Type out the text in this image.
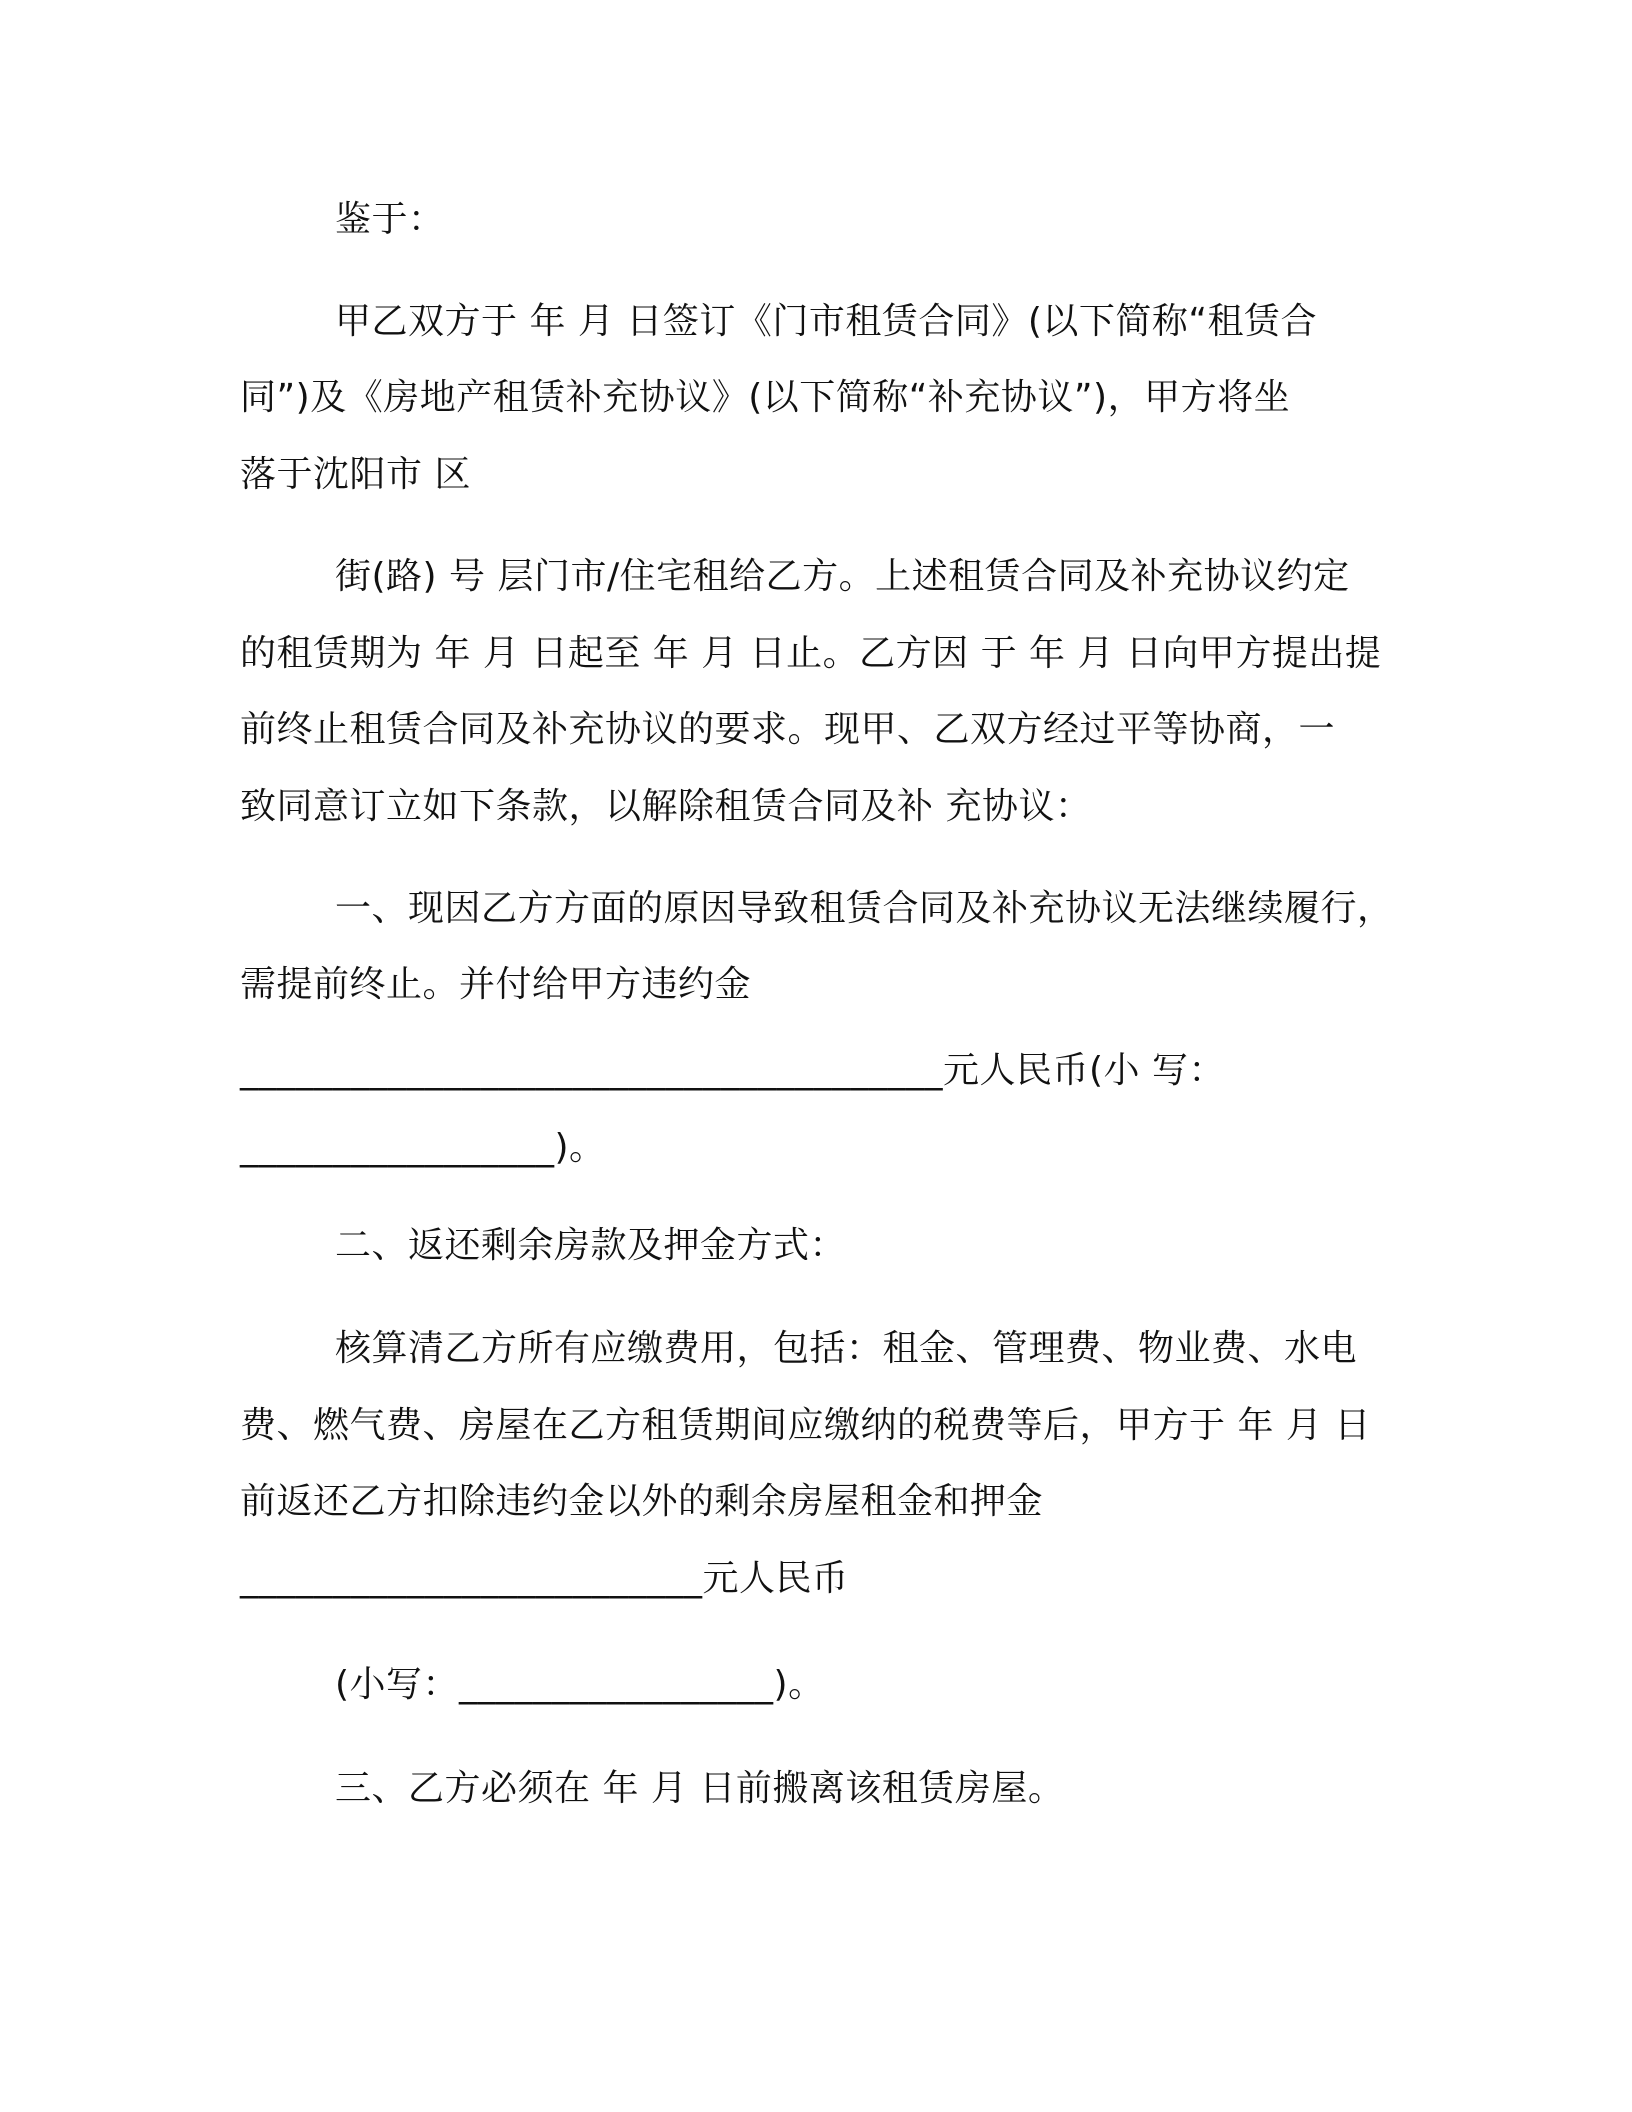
鉴于：
甲乙双方于 年 月 日签订《门市租赁合同》(以下简称“租赁合
同”)及《房地产租赁补充协议》(以下简称“补充协议”)，甲方将坐
落于沈阳市 区
街(路) 号 层门市/住宅租给乙方。上述租赁合同及补充协议约定
的租赁期为 年 月 日起至 年 月 日止。乙方因 于 年 月 日向甲方提出提
前终止租赁合同及补充协议的要求。现甲、乙双方经过平等协商，一
致同意订立如下条款，以解除租赁合同及补 充协议：
一、现因乙方方面的原因导致租赁合同及补充协议无法继续履行，
需提前终止。并付给甲方违约金
______________________________________元人民币(小 写：
_________________)。
二、返还剩余房款及押金方式：
核算清乙方所有应缴费用，包括：租金、管理费、物业费、水电
费、燃气费、房屋在乙方租赁期间应缴纳的税费等后，甲方于 年 月 日
前返还乙方扣除违约金以外的剩余房屋租金和押金
_________________________元人民币
(小写：_________________)。
三、乙方必须在 年 月 日前搬离该租赁房屋。
